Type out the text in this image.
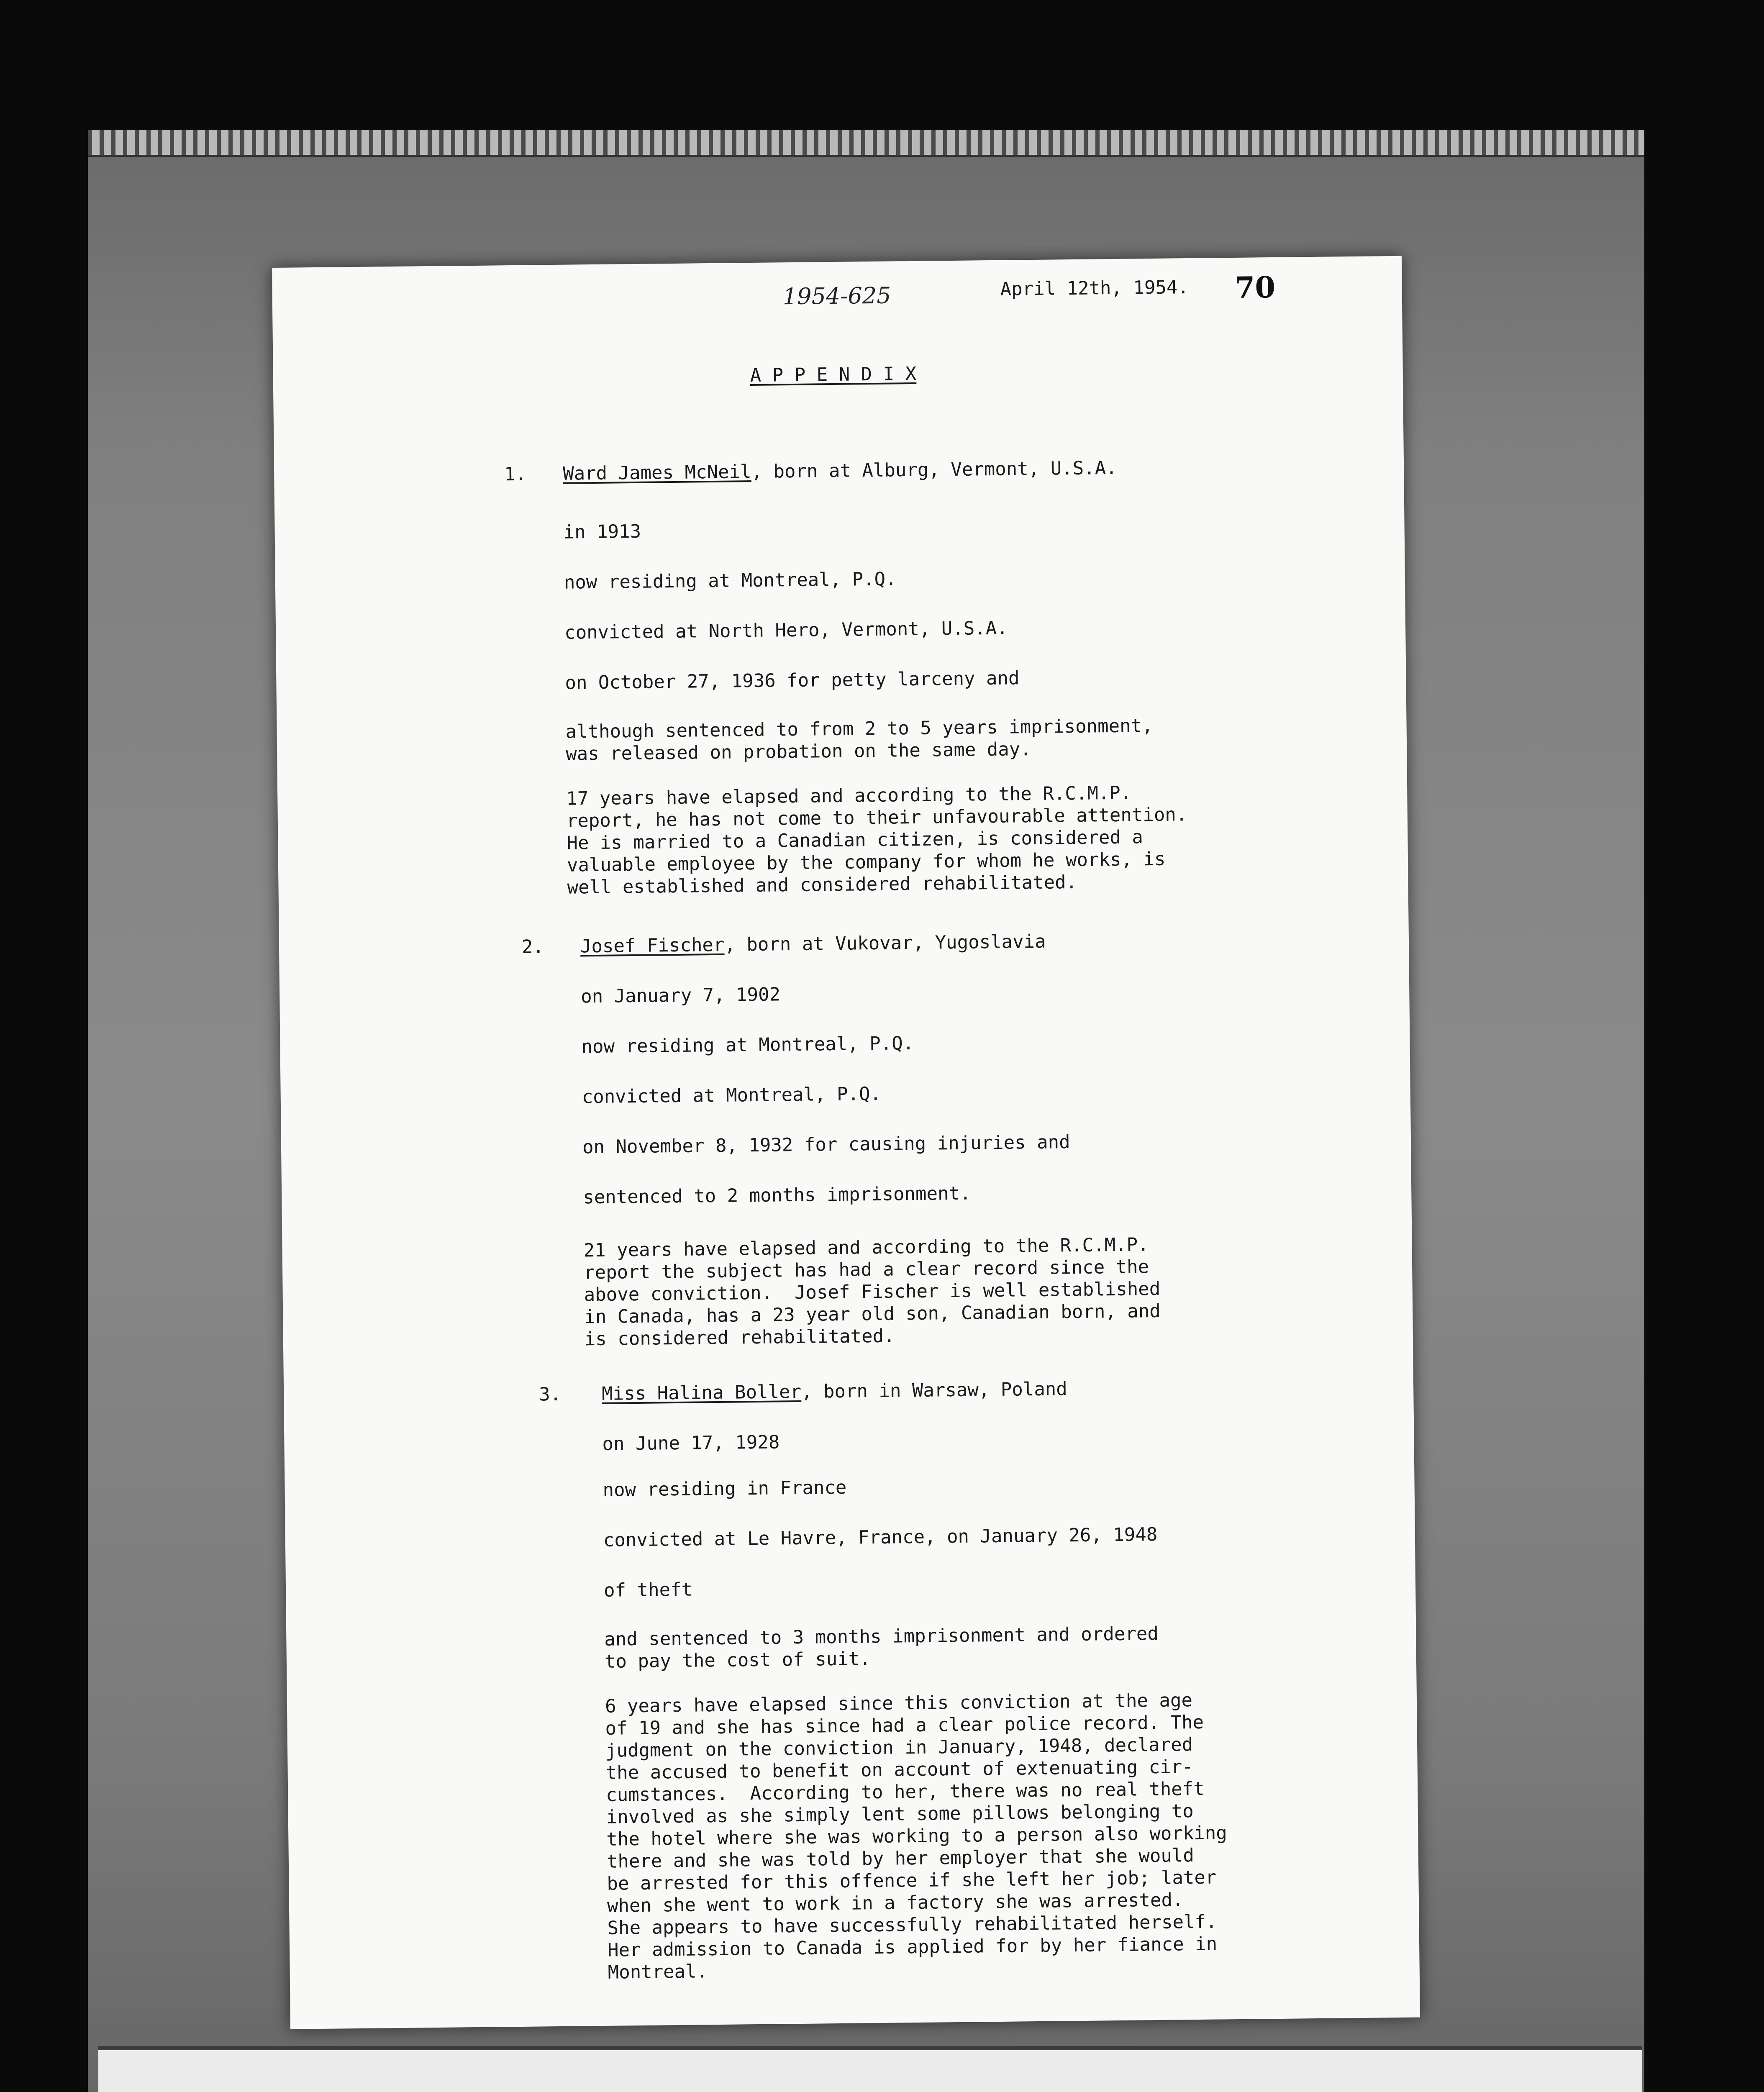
1954-625	April 12th, 1954. 70

A P P E N D I X

1. Ward James McNeil, born at Alburg, Vermont, U.S.A.

in 1913

now residing at Montreal, P.Q.

convicted at North Hero, Vermont, U.S.A.

on October 27, 1936 for petty larceny and

although sentenced to from 2 to 5 years imprisonment,
was released on probation on the same day.

17 years have elapsed and according to the R.C.M.P.
report, he has not come to their unfavourable attention.
He is married to a Canadian citizen, is considered a
valuable employee by the company for whom he works, is
well established and considered rehabilitated.

2. Josef Fischer, born at Vukovar, Yugoslavia

on January 7, 1902

now residing at Montreal, P.Q.

convicted at Montreal, P.Q.

on November 8, 1932 for causing injuries and

sentenced to 2 months imprisonment.

21 years have elapsed and according to the R.C.M.P.
report the subject has had a clear record since the
above conviction.  Josef Fischer is well established
in Canada, has a 23 year old son, Canadian born, and
is considered rehabilitated.

3. Miss Halina Boller, born in Warsaw, Poland

on June 17, 1928

now residing in France

convicted at Le Havre, France, on January 26, 1948

of theft

and sentenced to 3 months imprisonment and ordered
to pay the cost of suit.

6 years have elapsed since this conviction at the age
of 19 and she has since had a clear police record. The
judgment on the conviction in January, 1948, declared
the accused to benefit on account of extenuating cir-
cumstances.  According to her, there was no real theft
involved as she simply lent some pillows belonging to
the hotel where she was working to a person also working
there and she was told by her employer that she would
be arrested for this offence if she left her job; later
when she went to work in a factory she was arrested.
She appears to have successfully rehabilitated herself.
Her admission to Canada is applied for by her fiance in
Montreal.
